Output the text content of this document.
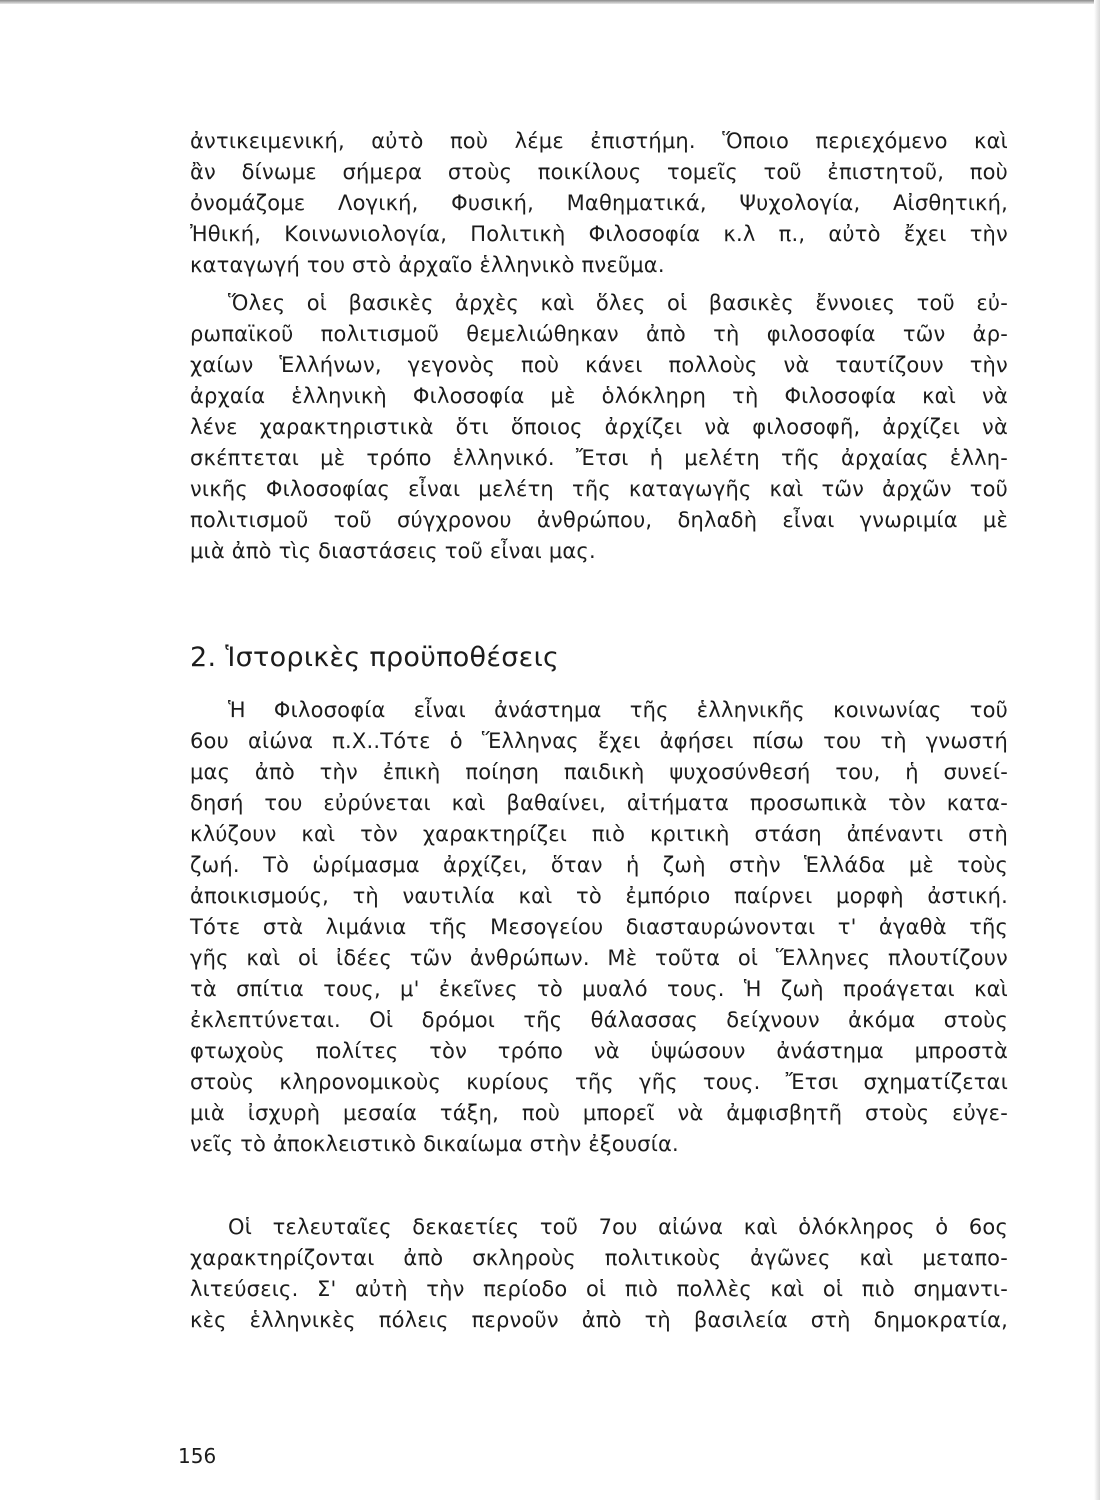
ἀντικειμενική, αὐτὸ ποὺ λέμε ἐπιστήμη. Ὅποιο περιεχόμενο καὶ
ἂν δίνωμε σήμερα στοὺς ποικίλους τομεῖς τοῦ ἐπιστητοῦ, ποὺ
ὀνομάζομε Λογική, Φυσική, Μαθηματικά, Ψυχολογία, Αἰσθητική,
Ἠθική, Κοινωνιολογία, Πολιτικὴ Φιλοσοφία κ.λ π., αὐτὸ ἔχει τὴν
καταγωγή του στὸ ἀρχαῖο ἑλληνικὸ πνεῦμα.
Ὅλες οἱ βασικὲς ἀρχὲς καὶ ὅλες οἱ βασικὲς ἔννοιες τοῦ εὐ-
ρωπαϊκοῦ πολιτισμοῦ θεμελιώθηκαν ἀπὸ τὴ φιλοσοφία τῶν ἀρ-
χαίων Ἑλλήνων, γεγονὸς ποὺ κάνει πολλοὺς νὰ ταυτίζουν τὴν
ἀρχαία ἑλληνικὴ Φιλοσοφία μὲ ὁλόκληρη τὴ Φιλοσοφία καὶ νὰ
λένε χαρακτηριστικὰ ὅτι ὅποιος ἀρχίζει νὰ φιλοσοφῆ, ἀρχίζει νὰ
σκέπτεται μὲ τρόπο ἑλληνικό. Ἔτσι ἡ μελέτη τῆς ἀρχαίας ἑλλη-
νικῆς Φιλοσοφίας εἶναι μελέτη τῆς καταγωγῆς καὶ τῶν ἀρχῶν τοῦ
πολιτισμοῦ τοῦ σύγχρονου ἀνθρώπου, δηλαδὴ εἶναι γνωριμία μὲ
μιὰ ἀπὸ τὶς διαστάσεις τοῦ εἶναι μας.
2. Ἱστορικὲς προϋποθέσεις
Ἡ Φιλοσοφία εἶναι ἀνάστημα τῆς ἑλληνικῆς κοινωνίας τοῦ
6ου αἰώνα π.Χ..Τότε ὁ Ἕλληνας ἔχει ἀφήσει πίσω του τὴ γνωστή
μας ἀπὸ τὴν ἐπικὴ ποίηση παιδικὴ ψυχοσύνθεσή του, ἡ συνεί-
δησή του εὐρύνεται καὶ βαθαίνει, αἰτήματα προσωπικὰ τὸν κατα-
κλύζουν καὶ τὸν χαρακτηρίζει πιὸ κριτικὴ στάση ἀπέναντι στὴ
ζωή. Τὸ ὡρίμασμα ἀρχίζει, ὅταν ἡ ζωὴ στὴν Ἑλλάδα μὲ τοὺς
ἀποικισμούς, τὴ ναυτιλία καὶ τὸ ἐμπόριο παίρνει μορφὴ ἀστική.
Τότε στὰ λιμάνια τῆς Μεσογείου διασταυρώνονται τ' ἀγαθὰ τῆς
γῆς καὶ οἱ ἰδέες τῶν ἀνθρώπων. Μὲ τοῦτα οἱ Ἕλληνες πλουτίζουν
τὰ σπίτια τους, μ' ἐκεῖνες τὸ μυαλό τους. Ἡ ζωὴ προάγεται καὶ
ἐκλεπτύνεται. Οἱ δρόμοι τῆς θάλασσας δείχνουν ἀκόμα στοὺς
φτωχοὺς πολίτες τὸν τρόπο νὰ ὑψώσουν ἀνάστημα μπροστὰ
στοὺς κληρονομικοὺς κυρίους τῆς γῆς τους. Ἔτσι σχηματίζεται
μιὰ ἰσχυρὴ μεσαία τάξη, ποὺ μπορεῖ νὰ ἀμφισβητῆ στοὺς εὐγε-
νεῖς τὸ ἀποκλειστικὸ δικαίωμα στὴν ἐξουσία.
Οἱ τελευταῖες δεκαετίες τοῦ 7ου αἰώνα καὶ ὁλόκληρος ὁ 6ος
χαρακτηρίζονται ἀπὸ σκληροὺς πολιτικοὺς ἀγῶνες καὶ μεταπο-
λιτεύσεις. Σ' αὐτὴ τὴν περίοδο οἱ πιὸ πολλὲς καὶ οἱ πιὸ σημαντι-
κὲς ἑλληνικὲς πόλεις περνοῦν ἀπὸ τὴ βασιλεία στὴ δημοκρατία,
156
